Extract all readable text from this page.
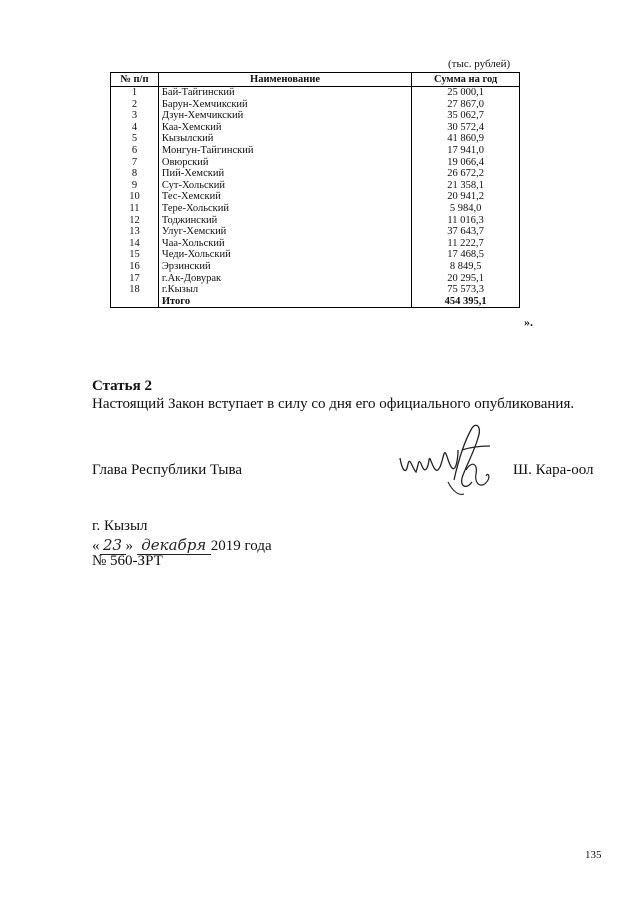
(тыс. рублей)
№ п/п	Наименование	Сумма на год
1	Бай-Тайгинский	25 000,1
2	Барун-Хемчикский	27 867,0
3	Дзун-Хемчикский	35 062,7
4	Каа-Хемский	30 572,4
5	Кызылский	41 860,9
6	Монгун-Тайгинский	17 941,0
7	Овюрский	19 066,4
8	Пий-Хемский	26 672,2
9	Сут-Хольский	21 358,1
10	Тес-Хемский	20 941,2
11	Тере-Хольский	5 984,0
12	Тоджинский	11 016,3
13	Улуг-Хемский	37 643,7
14	Чаа-Хольский	11 222,7
15	Чеди-Хольский	17 468,5
16	Эрзинский	8 849,5
17	г.Ак-Довурак	20 295,1
18	г.Кызыл	75 573,3
	Итого	454 395,1
».
Статья 2
Настоящий Закон вступает в силу со дня его официального опубликования.
Глава Республики Тыва	Ш. Кара-оол
г. Кызыл
« 23 » декабря 2019 года
№ 560-ЗРТ
135
